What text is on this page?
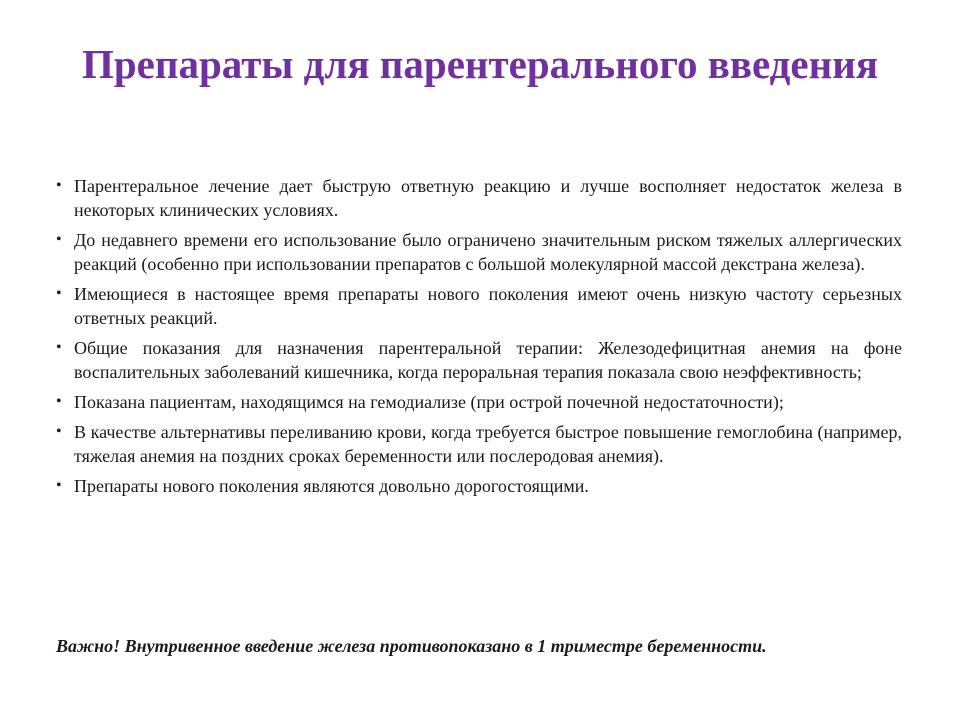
Препараты для парентерального введения
• Парентеральное лечение дает быструю ответную реакцию и лучше восполняет недостаток железа в некоторых клинических условиях.
• До недавнего времени его использование было ограничено значительным риском тяжелых аллергических реакций (особенно при использовании препаратов с большой молекулярной массой декстрана железа).
• Имеющиеся в настоящее время препараты нового поколения имеют очень низкую частоту серьезных ответных реакций.
• Общие показания для назначения парентеральной терапии: Железодефицитная анемия на фоне воспалительных заболеваний кишечника, когда пероральная терапия показала свою неэффективность;
• Показана пациентам, находящимся на гемодиализе (при острой почечной недостаточности);
• В качестве альтернативы переливанию крови, когда требуется быстрое повышение гемоглобина (например, тяжелая анемия на поздних сроках беременности или послеродовая анемия).
• Препараты нового поколения являются довольно дорогостоящими.

Важно! Внутривенное введение железа противопоказано в 1 триместре беременности.
